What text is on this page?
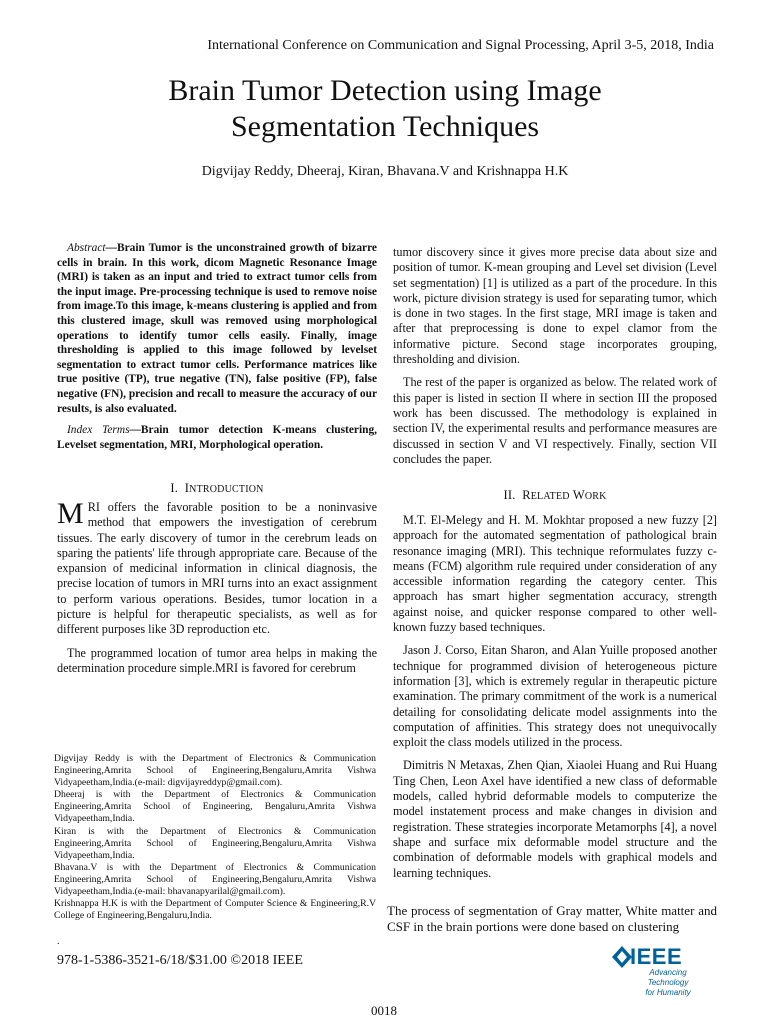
International Conference on Communication and Signal Processing, April 3-5, 2018, India
Brain Tumor Detection using Image
Segmentation Techniques
Digvijay Reddy, Dheeraj, Kiran, Bhavana.V and Krishnappa H.K

Abstract—Brain Tumor is the unconstrained growth of bizarre cells in brain. In this work, dicom Magnetic Resonance Image (MRI) is taken as an input and tried to extract tumor cells from the input image. Pre-processing technique is used to remove noise from image.To this image, k-means clustering is applied and from this clustered image, skull was removed using morphological operations to identify tumor cells easily. Finally, image thresholding is applied to this image followed by levelset segmentation to extract tumor cells. Performance matrices like true positive (TP), true negative (TN), false positive (FP), false negative (FN), precision and recall to measure the accuracy of our results, is also evaluated.

Index Terms—Brain tumor detection K-means clustering, Levelset segmentation, MRI, Morphological operation.

I. INTRODUCTION

MRI offers the favorable position to be a noninvasive method that empowers the investigation of cerebrum tissues. The early discovery of tumor in the cerebrum leads on sparing the patients' life through appropriate care. Because of the expansion of medicinal information in clinical diagnosis, the precise location of tumors in MRI turns into an exact assignment to perform various operations. Besides, tumor location in a picture is helpful for therapeutic specialists, as well as for different purposes like 3D reproduction etc.

The programmed location of tumor area helps in making the determination procedure simple.MRI is favored for cerebrum

Digvijay Reddy is with the Department of Electronics & Communication Engineering,Amrita School of Engineering,Bengaluru,Amrita Vishwa Vidyapeetham,India.(e-mail: digvijayreddyp@gmail.com).

Dheeraj is with the Department of Electronics & Communication Engineering,Amrita School of Engineering, Bengaluru,Amrita Vishwa Vidyapeetham,India.

Kiran is with the Department of Electronics & Communication Engineering,Amrita School of Engineering,Bengaluru,Amrita Vishwa Vidyapeetham,India.

Bhavana.V is with the Department of Electronics & Communication Engineering,Amrita School of Engineering,Bengaluru,Amrita Vishwa Vidyapeetham,India.(e-mail: bhavanapyarilal@gmail.com).

Krishnappa H.K is with the Department of Computer Science & Engineering,R.V College of Engineering,Bengaluru,India.

.
978-1-5386-3521-6/18/$31.00 ©2018 IEEE

tumor discovery since it gives more precise data about size and position of tumor. K-mean grouping and Level set division (Level set segmentation) [1] is utilized as a part of the procedure. In this work, picture division strategy is used for separating tumor, which is done in two stages. In the first stage, MRI image is taken and after that preprocessing is done to expel clamor from the informative picture. Second stage incorporates grouping, thresholding and division.

The rest of the paper is organized as below. The related work of this paper is listed in section II where in section III the proposed work has been discussed. The methodology is explained in section IV, the experimental results and performance measures are discussed in section V and VI respectively. Finally, section VII concludes the paper.

II. RELATED WORK

M.T. El-Melegy and H. M. Mokhtar proposed a new fuzzy [2] approach for the automated segmentation of pathological brain resonance imaging (MRI). This technique reformulates fuzzy c-means (FCM) algorithm rule required under consideration of any accessible information regarding the category center. This approach has smart higher segmentation accuracy, strength against noise, and quicker response compared to other well-known fuzzy based techniques.

Jason J. Corso, Eitan Sharon, and Alan Yuille proposed another technique for programmed division of heterogeneous picture information [3], which is extremely regular in therapeutic picture examination. The primary commitment of the work is a numerical detailing for consolidating delicate model assignments into the computation of affinities. This strategy does not unequivocally exploit the class models utilized in the process.

Dimitris N Metaxas, Zhen Qian, Xiaolei Huang and Rui Huang Ting Chen, Leon Axel have identified a new class of deformable models, called hybrid deformable models to computerize the model instatement process and make changes in division and registration. These strategies incorporate Metamorphs [4], a novel shape and surface mix deformable model structure and the combination of deformable models with graphical models and learning techniques.

The process of segmentation of Gray matter, White matter and CSF in the brain portions were done based on clustering

IEEE
Advancing Technology
for Humanity
0018
